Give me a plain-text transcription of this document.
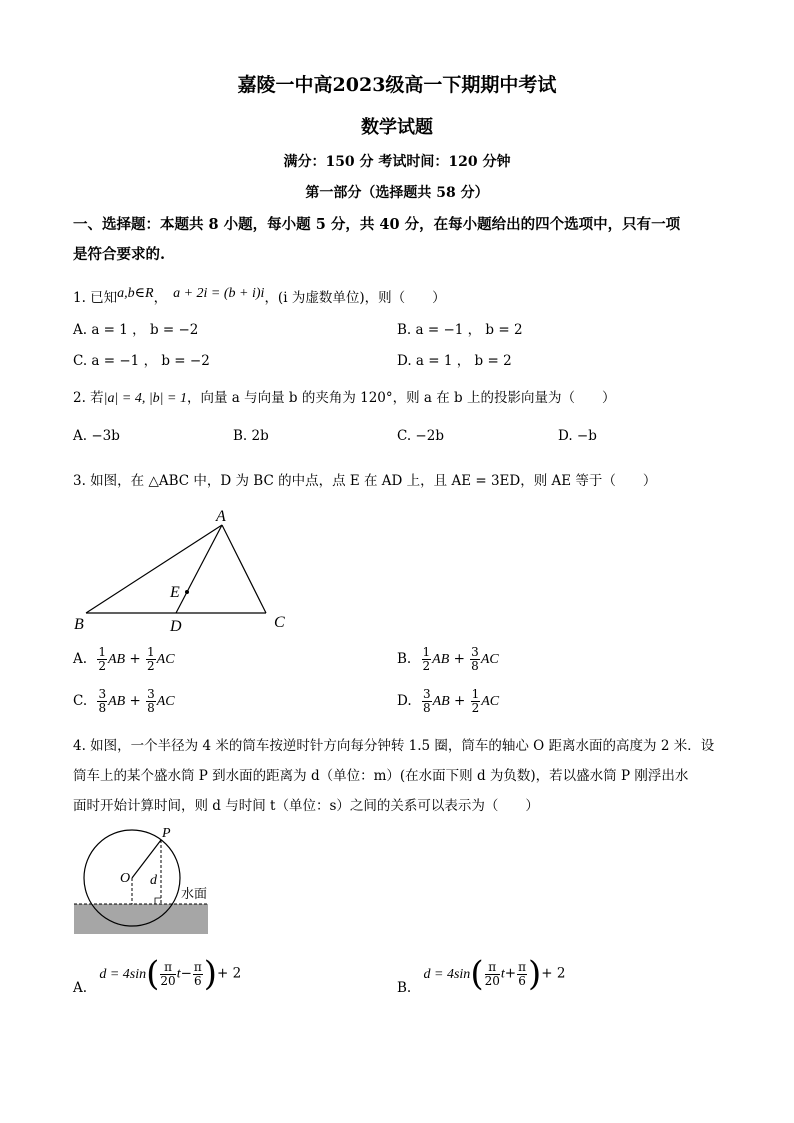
嘉陵一中高2023级高一下期期中考试
数学试题
满分：150 分 考试时间：120 分钟
第一部分（选择题共 58 分）
一、选择题：本题共 8 小题，每小题 5 分，共 40 分，在每小题给出的四个选项中，只有一项
是符合要求的.
1. 已知a,b∈R， a + 2i = (b + i)i，(i 为虚数单位)，则（　　）
A. a = 1 ， b = −2	B. a = −1 ， b = 2
C. a = −1 ， b = −2	D. a = 1 ， b = 2
2. 若|a| = 4, |b| = 1，向量 a 与向量 b 的夹角为 120°，则 a 在 b 上的投影向量为（　　）
A. −3b	B. 2b	C. −2b	D. −b
3. 如图，在 △ABC 中，D 为 BC 的中点，点 E 在 AD 上，且 AE = 3ED，则 AE 等于（　　）
A
B	C
D
E
A. $\frac{1}{2}$ AB + $\frac{1}{2}$ AC	B. $\frac{1}{2}$ AB + $\frac{3}{8}$ AC
C. $\frac{3}{8}$ AB + $\frac{3}{8}$ AC	D. $\frac{3}{8}$ AB + $\frac{1}{2}$ AC
4. 如图，一个半径为 4 米的筒车按逆时针方向每分钟转 1.5 圈，筒车的轴心 O 距离水面的高度为 2 米．设
筒车上的某个盛水筒 P 到水面的距离为 d（单位：m）(在水面下则 d 为负数)，若以盛水筒 P 刚浮出水
面时开始计算时间，则 d 与时间 t（单位：s）之间的关系可以表示为（　　）
P
O d
水面
A. $d = 4\sin( \frac{\pi}{20} t- \frac{\pi}{6}$ )+ 2
B. $d = 4\sin( \frac{\pi}{20} t+ \frac{\pi}{6}$ )+ 2
